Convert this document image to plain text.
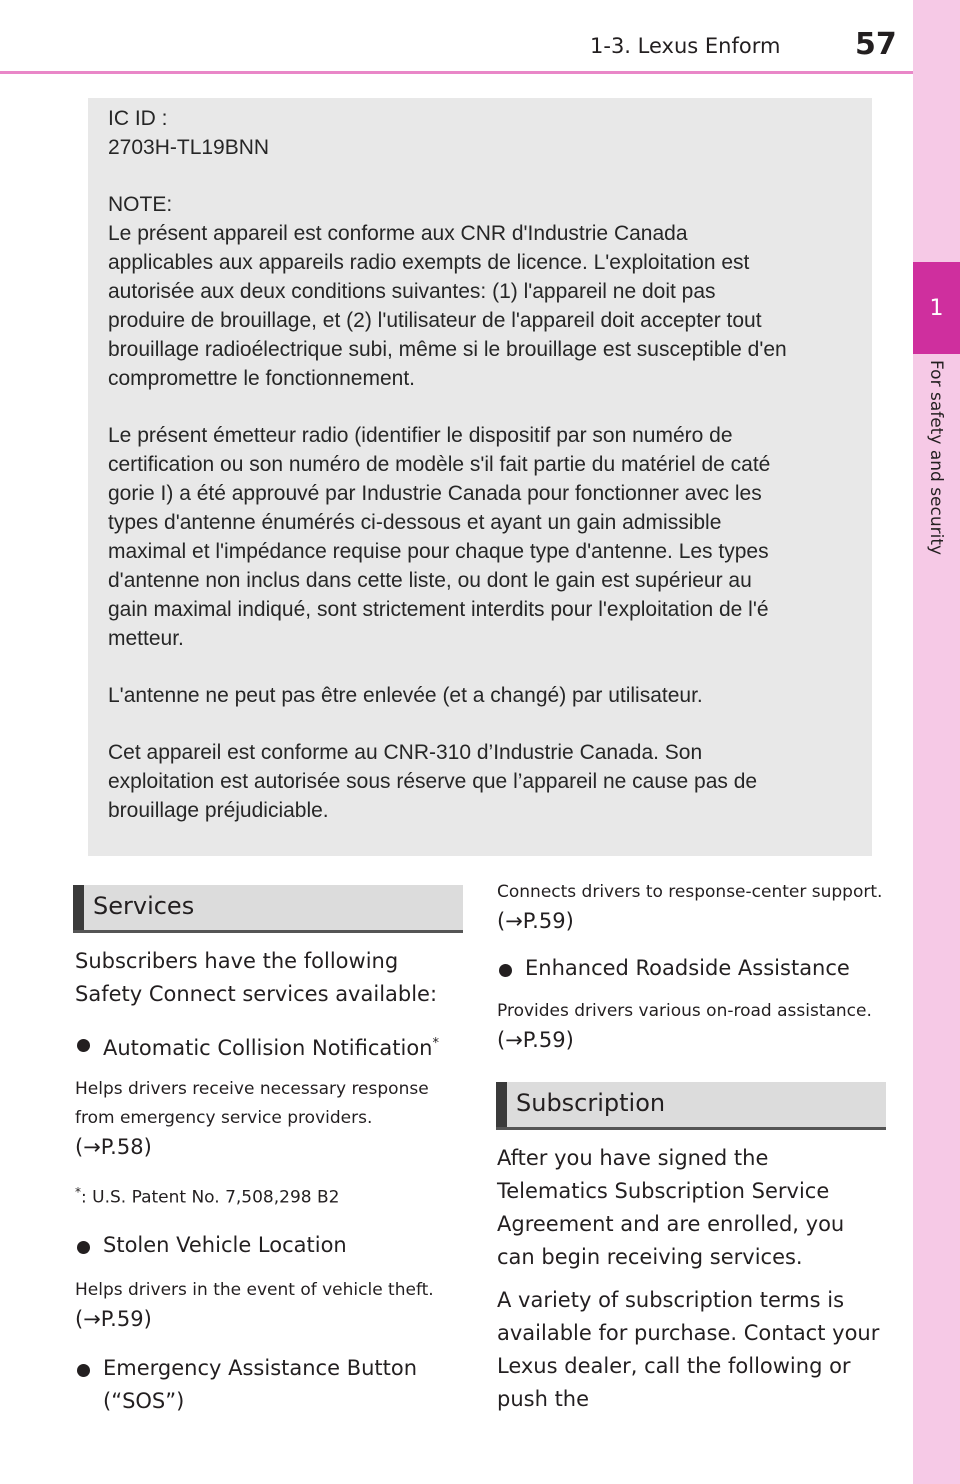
1-3. Lexus Enform 57
1
For safety and security

IC ID :
2703H-TL19BNN

NOTE:
Le présent appareil est conforme aux CNR d'Industrie Canada
applicables aux appareils radio exempts de licence. L'exploitation est
autorisée aux deux conditions suivantes: (1) l'appareil ne doit pas
produire de brouillage, et (2) l'utilisateur de l'appareil doit accepter tout
brouillage radioélectrique subi, même si le brouillage est susceptible d'en
compromettre le fonctionnement.

Le présent émetteur radio (identifier le dispositif par son numéro de
certification ou son numéro de modèle s'il fait partie du matériel de caté
gorie I) a été approuvé par Industrie Canada pour fonctionner avec les
types d'antenne énumérés ci-dessous et ayant un gain admissible
maximal et l'impédance requise pour chaque type d'antenne. Les types
d'antenne non inclus dans cette liste, ou dont le gain est supérieur au
gain maximal indiqué, sont strictement interdits pour l'exploitation de l'é
metteur.

L'antenne ne peut pas être enlevée (et a changé) par utilisateur.

Cet appareil est conforme au CNR-310 d’Industrie Canada. Son
exploitation est autorisée sous réserve que l’appareil ne cause pas de
brouillage préjudiciable.

Services

Subscribers have the following Safety Connect services available:

Automatic Collision Notification*

Helps drivers receive necessary response from emergency service providers.
(→P.58)

*: U.S. Patent No. 7,508,298 B2

Stolen Vehicle Location

Helps drivers in the event of vehicle theft.
(→P.59)

Emergency Assistance Button (“SOS”)

Connects drivers to response-center support. (→P.59)

Enhanced Roadside Assistance

Provides drivers various on-road assistance. (→P.59)

Subscription

After you have signed the Telematics Subscription Service Agreement and are enrolled, you can begin receiving services.

A variety of subscription terms is available for purchase. Contact your Lexus dealer, call the following or push the
